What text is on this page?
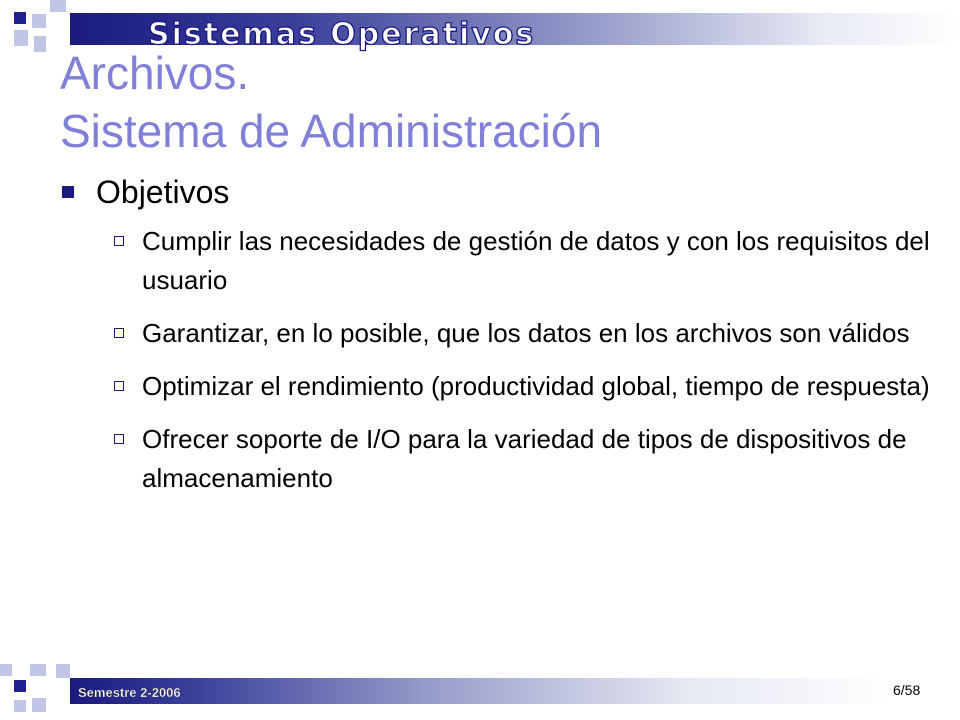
Sistemas Operativos
Archivos.
Sistema de Administración
Objetivos
Cumplir las necesidades de gestión de datos y con los requisitos del usuario
Garantizar, en lo posible, que los datos en los archivos son válidos
Optimizar el rendimiento (productividad global, tiempo de respuesta)
Ofrecer soporte de I/O para la variedad de tipos de dispositivos de almacenamiento
Semestre 2-2006	6/58
